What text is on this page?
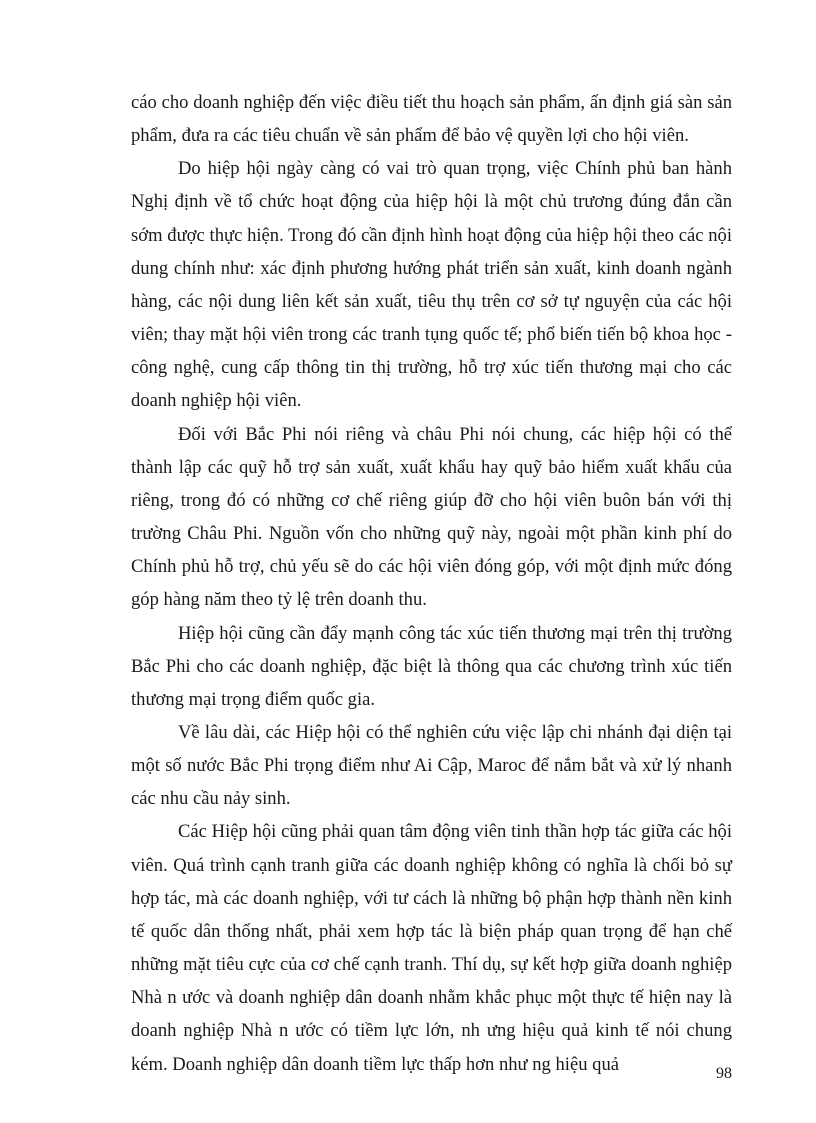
cáo cho doanh nghiệp đến việc điều tiết thu hoạch sản phẩm, ấn định giá sàn sản phẩm, đưa ra các tiêu chuẩn về sản phẩm để bảo vệ quyền lợi cho hội viên.

Do hiệp hội ngày càng có vai trò quan trọng, việc Chính phủ ban hành Nghị định về tổ chức hoạt động của hiệp hội là một chủ trương đúng đắn cần sớm được thực hiện. Trong đó cần định hình hoạt động của hiệp hội theo các nội dung chính như: xác định phương hướng phát triển sản xuất, kinh doanh ngành hàng, các nội dung liên kết sản xuất, tiêu thụ trên cơ sở tự nguyện của các hội viên; thay mặt hội viên trong các tranh tụng quốc tế; phổ biến tiến bộ khoa học - công nghệ, cung cấp thông tin thị trường, hỗ trợ xúc tiến thương mại cho các doanh nghiệp hội viên.

Đối với Bắc Phi nói riêng và châu Phi nói chung, các hiệp hội có thể thành lập các quỹ hỗ trợ sản xuất, xuất khẩu hay quỹ bảo hiểm xuất khẩu của riêng, trong đó có những cơ chế riêng giúp đỡ cho hội viên buôn bán với thị trường Châu Phi. Nguồn vốn cho những quỹ này, ngoài một phần kinh phí do Chính phủ hỗ trợ, chủ yếu sẽ do các hội viên đóng góp, với một định mức đóng góp hàng năm theo tỷ lệ trên doanh thu.

Hiệp hội cũng cần đẩy mạnh công tác xúc tiến thương mại trên thị trường Bắc Phi cho các doanh nghiệp, đặc biệt là thông qua các chương trình xúc tiến thương mại trọng điểm quốc gia.

Về lâu dài, các Hiệp hội có thể nghiên cứu việc lập chi nhánh đại diện tại một số nước Bắc Phi trọng điểm như Ai Cập, Maroc để nắm bắt và xử lý nhanh các nhu cầu nảy sinh.

Các Hiệp hội cũng phải quan tâm động viên tinh thần hợp tác giữa các hội viên. Quá trình cạnh tranh giữa các doanh nghiệp không có nghĩa là chối bỏ sự hợp tác, mà các doanh nghiệp, với tư cách là những bộ phận hợp thành nền kinh tế quốc dân thống nhất, phải xem hợp tác là biện pháp quan trọng để hạn chế những mặt tiêu cực của cơ chế cạnh tranh. Thí dụ, sự kết hợp giữa doanh nghiệp Nhà n ước và doanh nghiệp dân doanh nhằm khắc phục một thực tế hiện nay là doanh nghiệp Nhà n ước có tiềm lực lớn, nh ưng hiệu quả kinh tế nói chung kém. Doanh nghiệp dân doanh tiềm lực thấp hơn như ng hiệu quả	98
